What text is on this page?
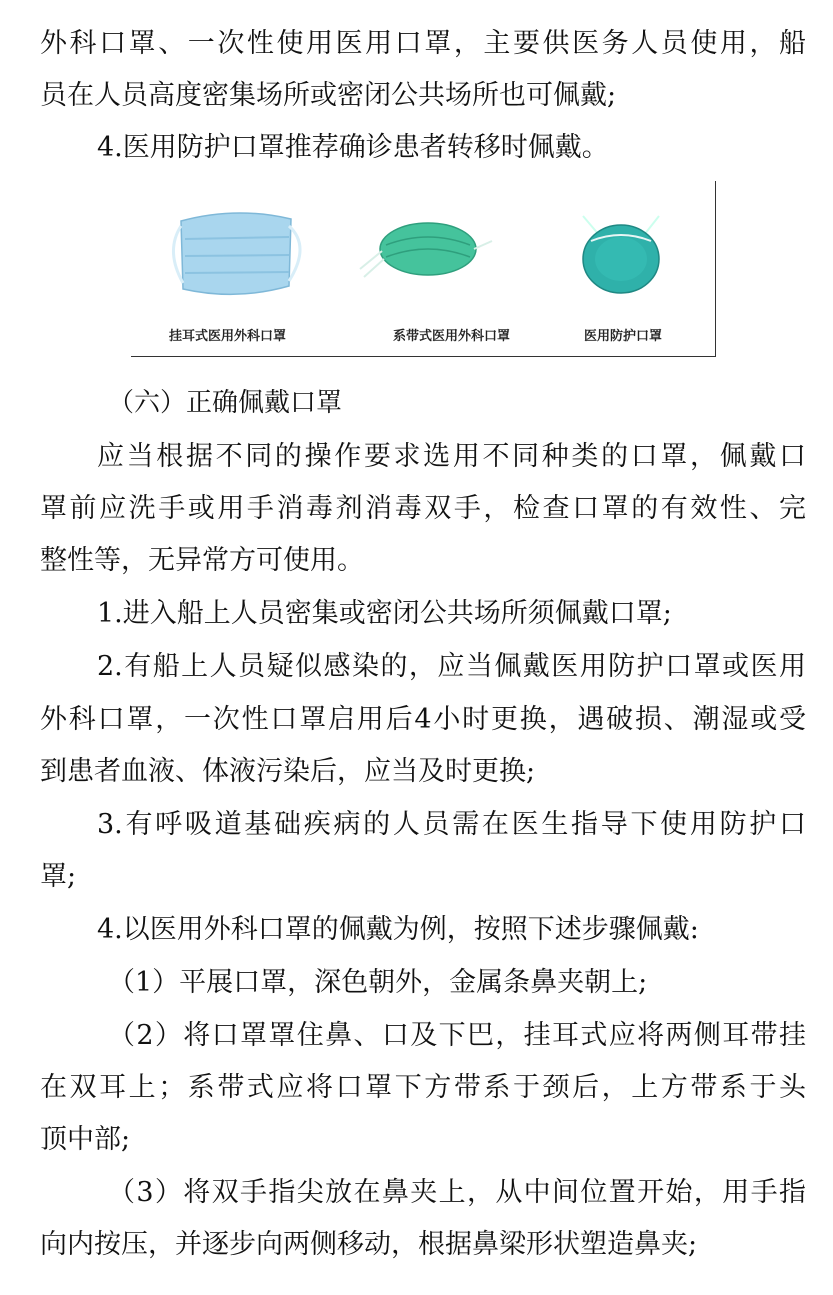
外科口罩、一次性使用医用口罩，主要供医务人员使用，船
员在人员高度密集场所或密闭公共场所也可佩戴;
4.医用防护口罩推荐确诊患者转移时佩戴。
挂耳式医用外科口罩	系带式医用外科口罩	医用防护口罩
（六）正确佩戴口罩
应当根据不同的操作要求选用不同种类的口罩，佩戴口
罩前应洗手或用手消毒剂消毒双手，检查口罩的有效性、完
整性等，无异常方可使用。
1.进入船上人员密集或密闭公共场所须佩戴口罩;
2.有船上人员疑似感染的，应当佩戴医用防护口罩或医用
外科口罩，一次性口罩启用后4小时更换，遇破损、潮湿或受
到患者血液、体液污染后，应当及时更换;
3.有呼吸道基础疾病的人员需在医生指导下使用防护口
罩;
4.以医用外科口罩的佩戴为例，按照下述步骤佩戴:
（1）平展口罩，深色朝外，金属条鼻夹朝上;
（2）将口罩罩住鼻、口及下巴，挂耳式应将两侧耳带挂
在双耳上；系带式应将口罩下方带系于颈后，上方带系于头
顶中部;
（3）将双手指尖放在鼻夹上，从中间位置开始，用手指
向内按压，并逐步向两侧移动，根据鼻梁形状塑造鼻夹;
